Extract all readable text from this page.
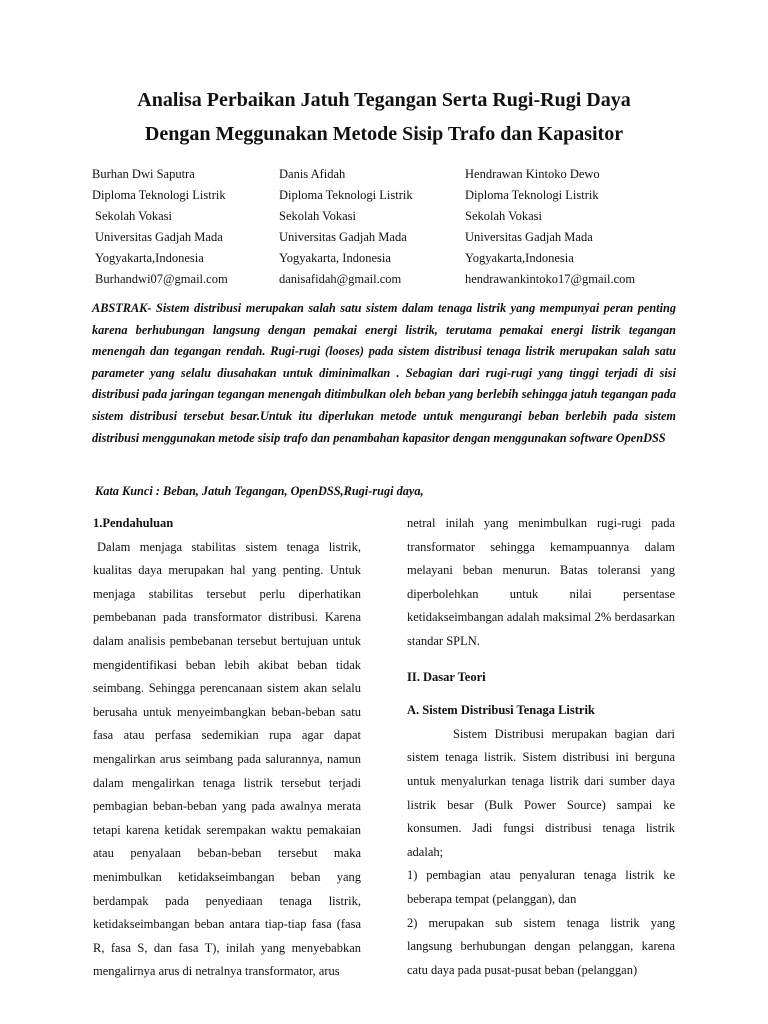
Analisa Perbaikan Jatuh Tegangan Serta Rugi-Rugi Daya
Dengan Meggunakan Metode Sisip Trafo dan Kapasitor
Burhan Dwi Saputra
Diploma Teknologi Listrik
Sekolah Vokasi
Universitas Gadjah Mada
Yogyakarta,Indonesia
Burhandwi07@gmail.com
Danis Afidah
Diploma Teknologi Listrik
Sekolah Vokasi
Universitas Gadjah Mada
Yogyakarta, Indonesia
danisafidah@gmail.com
Hendrawan Kintoko Dewo
Diploma Teknologi Listrik
Sekolah Vokasi
Universitas Gadjah Mada
Yogyakarta,Indonesia
hendrawankintoko17@gmail.com

ABSTRAK- Sistem distribusi merupakan salah satu sistem dalam tenaga listrik yang mempunyai peran penting karena berhubungan langsung dengan pemakai energi listrik, terutama pemakai energi listrik tegangan menengah dan tegangan rendah. Rugi-rugi (looses) pada sistem distribusi tenaga listrik merupakan salah satu parameter yang selalu diusahakan untuk diminimalkan . Sebagian dari rugi-rugi yang tinggi terjadi di sisi distribusi pada jaringan tegangan menengah ditimbulkan oleh beban yang berlebih sehingga jatuh tegangan pada sistem distribusi tersebut besar.Untuk itu diperlukan metode untuk mengurangi beban berlebih pada sistem distribusi menggunakan metode sisip trafo dan penambahan kapasitor dengan menggunakan software OpenDSS

Kata Kunci : Beban, Jatuh Tegangan, OpenDSS,Rugi-rugi daya,

1.Pendahuluan

Dalam menjaga stabilitas sistem tenaga listrik, kualitas daya merupakan hal yang penting. Untuk menjaga stabilitas tersebut perlu diperhatikan pembebanan pada transformator distribusi. Karena dalam analisis pembebanan tersebut bertujuan untuk mengidentifikasi beban lebih akibat beban tidak seimbang. Sehingga perencanaan sistem akan selalu berusaha untuk menyeimbangkan beban-beban satu fasa atau perfasa sedemikian rupa agar dapat mengalirkan arus seimbang pada salurannya, namun dalam mengalirkan tenaga listrik tersebut terjadi pembagian beban-beban yang pada awalnya merata tetapi karena ketidak serempakan waktu pemakaian atau penyalaan beban-beban tersebut maka menimbulkan ketidakseimbangan beban yang berdampak pada penyediaan tenaga listrik, ketidakseimbangan beban antara tiap-tiap fasa (fasa R, fasa S, dan fasa T), inilah yang menyebabkan mengalirnya arus di netralnya transformator, arus

netral inilah yang menimbulkan rugi-rugi pada transformator sehingga kemampuannya dalam melayani beban menurun. Batas toleransi yang diperbolehkan untuk nilai persentase ketidakseimbangan adalah maksimal 2% berdasarkan standar SPLN.

II. Dasar Teori

A. Sistem Distribusi Tenaga Listrik

Sistem Distribusi merupakan bagian dari sistem tenaga listrik. Sistem distribusi ini berguna untuk menyalurkan tenaga listrik dari sumber daya listrik besar (Bulk Power Source) sampai ke konsumen. Jadi fungsi distribusi tenaga listrik adalah;

1) pembagian atau penyaluran tenaga listrik ke beberapa tempat (pelanggan), dan

2) merupakan sub sistem tenaga listrik yang langsung berhubungan dengan pelanggan, karena catu daya pada pusat-pusat beban (pelanggan)
